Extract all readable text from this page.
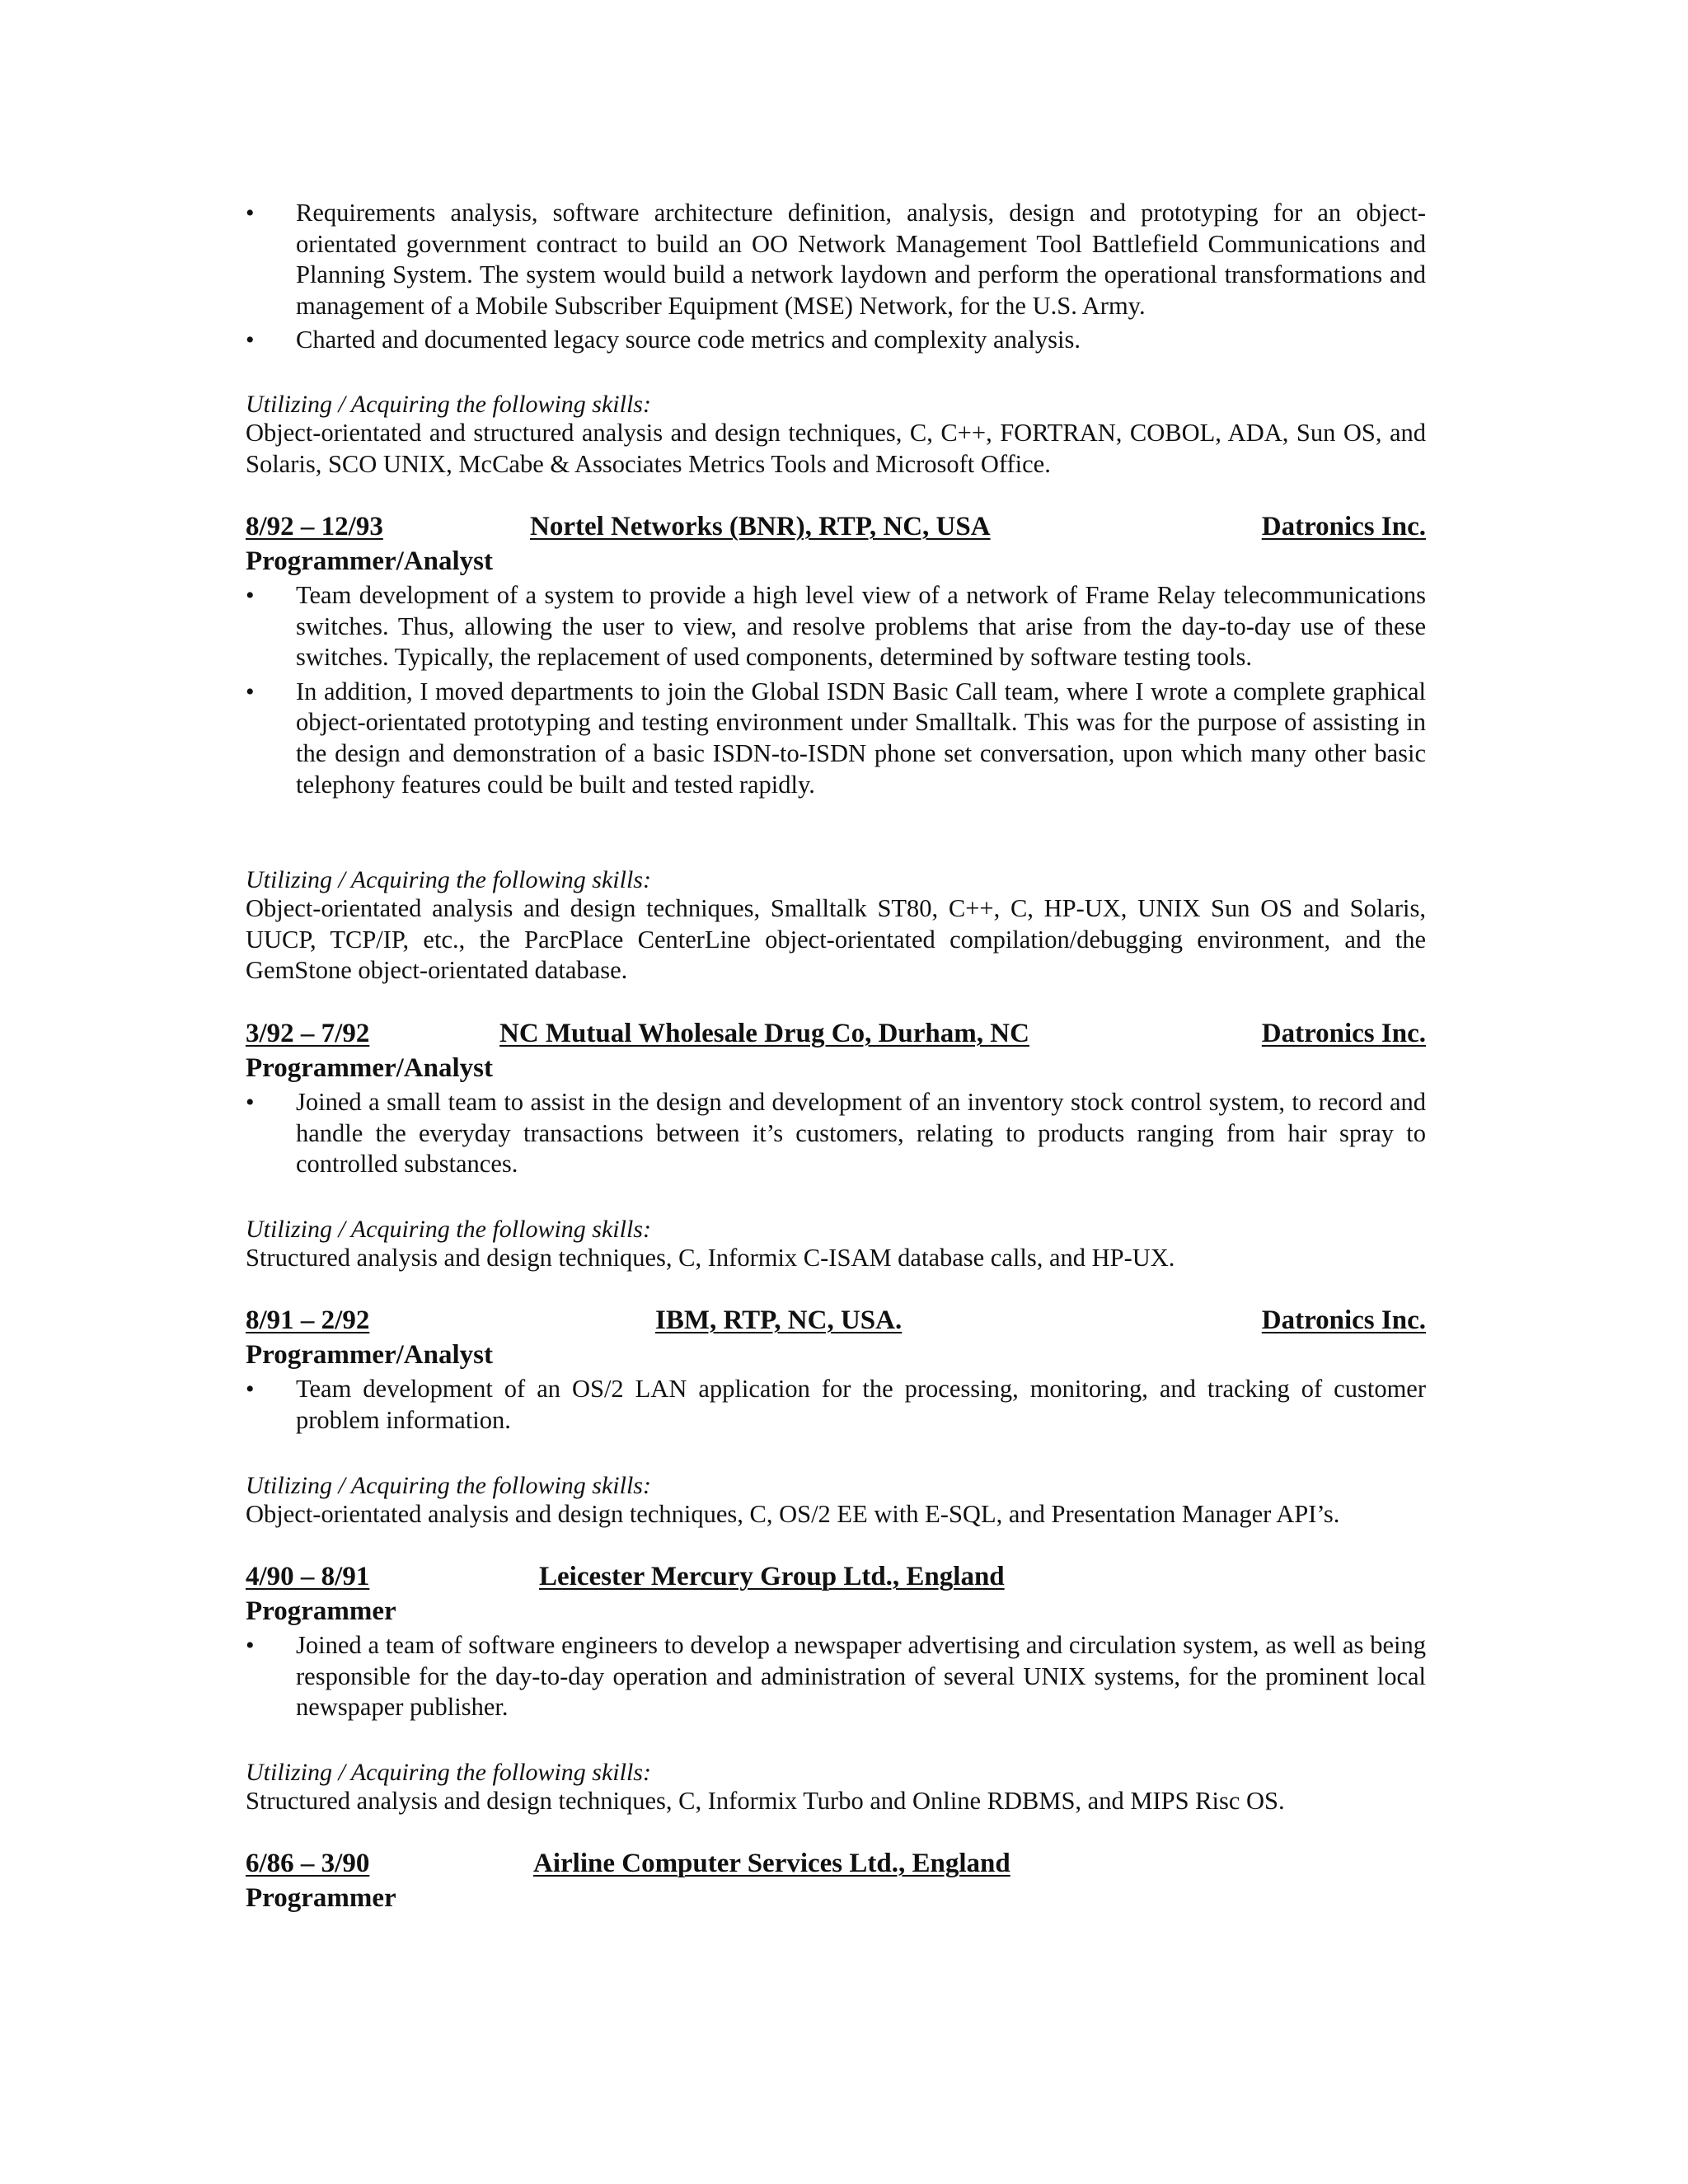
• Requirements analysis, software architecture definition, analysis, design and prototyping for an object-orientated government contract to build an OO Network Management Tool Battlefield Communications and Planning System. The system would build a network laydown and perform the operational transformations and management of a Mobile Subscriber Equipment (MSE) Network, for the U.S. Army.
• Charted and documented legacy source code metrics and complexity analysis.
Utilizing / Acquiring the following skills:
Object-orientated and structured analysis and design techniques, C, C++, FORTRAN, COBOL, ADA, Sun OS, and Solaris, SCO UNIX, McCabe & Associates Metrics Tools and Microsoft Office.
8/92 – 12/93	Nortel Networks (BNR), RTP, NC, USA	Datronics Inc.
Programmer/Analyst
• Team development of a system to provide a high level view of a network of Frame Relay telecommunications switches. Thus, allowing the user to view, and resolve problems that arise from the day-to-day use of these switches. Typically, the replacement of used components, determined by software testing tools.
• In addition, I moved departments to join the Global ISDN Basic Call team, where I wrote a complete graphical object-orientated prototyping and testing environment under Smalltalk. This was for the purpose of assisting in the design and demonstration of a basic ISDN-to-ISDN phone set conversation, upon which many other basic telephony features could be built and tested rapidly.
Utilizing / Acquiring the following skills:
Object-orientated analysis and design techniques, Smalltalk ST80, C++, C, HP-UX, UNIX Sun OS and Solaris, UUCP, TCP/IP, etc., the ParcPlace CenterLine object-orientated compilation/debugging environment, and the GemStone object-orientated database.
3/92 – 7/92	NC Mutual Wholesale Drug Co, Durham, NC	Datronics Inc.
Programmer/Analyst
• Joined a small team to assist in the design and development of an inventory stock control system, to record and handle the everyday transactions between it’s customers, relating to products ranging from hair spray to controlled substances.
Utilizing / Acquiring the following skills:
Structured analysis and design techniques, C, Informix C-ISAM database calls, and HP-UX.
8/91 – 2/92	IBM, RTP, NC, USA.	Datronics Inc.
Programmer/Analyst
• Team development of an OS/2 LAN application for the processing, monitoring, and tracking of customer problem information.
Utilizing / Acquiring the following skills:
Object-orientated analysis and design techniques, C, OS/2 EE with E-SQL, and Presentation Manager API’s.
4/90 – 8/91	Leicester Mercury Group Ltd., England
Programmer
• Joined a team of software engineers to develop a newspaper advertising and circulation system, as well as being responsible for the day-to-day operation and administration of several UNIX systems, for the prominent local newspaper publisher.
Utilizing / Acquiring the following skills:
Structured analysis and design techniques, C, Informix Turbo and Online RDBMS, and MIPS Risc OS.
6/86 – 3/90	Airline Computer Services Ltd., England
Programmer
